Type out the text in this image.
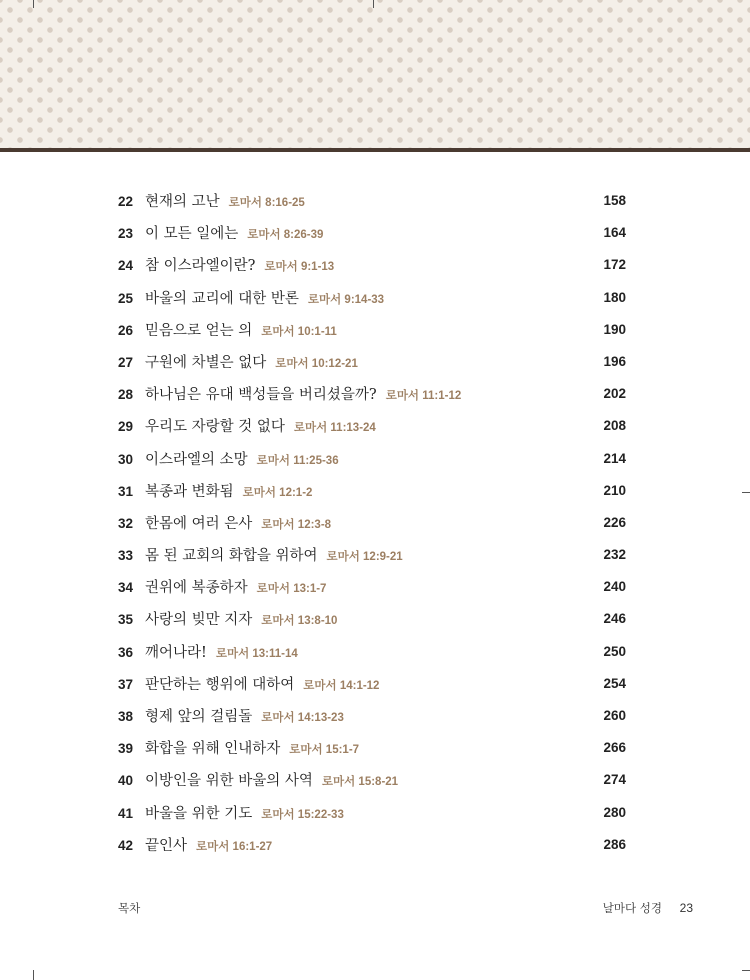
22 현재의 고난 로마서 8:16-25	158
23 이 모든 일에는 로마서 8:26-39	164
24 참 이스라엘이란? 로마서 9:1-13	172
25 바울의 교리에 대한 반론 로마서 9:14-33	180
26 믿음으로 얻는 의 로마서 10:1-11	190
27 구원에 차별은 없다 로마서 10:12-21	196
28 하나님은 유대 백성들을 버리셨을까? 로마서 11:1-12	202
29 우리도 자랑할 것 없다 로마서 11:13-24	208
30 이스라엘의 소망 로마서 11:25-36	214
31 복종과 변화됨 로마서 12:1-2	210
32 한몸에 여러 은사 로마서 12:3-8	226
33 몸 된 교회의 화합을 위하여 로마서 12:9-21	232
34 권위에 복종하자 로마서 13:1-7	240
35 사랑의 빚만 지자 로마서 13:8-10	246
36 깨어나라! 로마서 13:11-14	250
37 판단하는 행위에 대하여 로마서 14:1-12	254
38 형제 앞의 걸림돌 로마서 14:13-23	260
39 화합을 위해 인내하자 로마서 15:1-7	266
40 이방인을 위한 바울의 사역 로마서 15:8-21	274
41 바울을 위한 기도 로마서 15:22-33	280
42 끝인사 로마서 16:1-27	286
목차	날마다 성경 23
